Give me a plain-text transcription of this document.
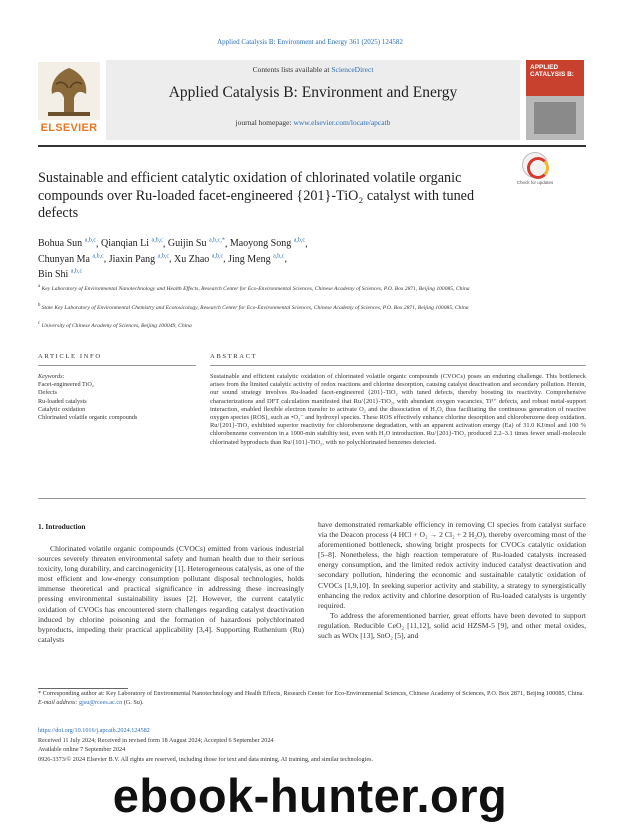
Applied Catalysis B: Environment and Energy 361 (2025) 124582
ELSEVIER
Contents lists available at ScienceDirect
Applied Catalysis B: Environment and Energy
journal homepage: www.elsevier.com/locate/apcatb
APPLIED CATALYSIS B:
Sustainable and efficient catalytic oxidation of chlorinated volatile organic compounds over Ru-loaded facet-engineered {201}-TiO₂ catalyst with tuned defects
Check for updates
Bohua Sun $^{a,b,c}$, Qianqian Li $^{a,b,c}$, Guijin Su $^{a,b,c,*}$, Maoyong Song $^{a,b,c}$,
Chunyan Ma $^{a,b,c}$, Jiaxin Pang $^{a,b,c}$, Xu Zhao $^{a,b,c}$, Jing Meng $^{a,b,c}$,
Bin Shi $^{a,b,c}$
$^a$ Key Laboratory of Environmental Nanotechnology and Health Effects, Research Center for Eco-Environmental Sciences, Chinese Academy of Sciences, P.O. Box 2871, Beijing 100085, China
$^b$ State Key Laboratory of Environmental Chemistry and Ecotoxicology, Research Center for Eco-Environmental Sciences, Chinese Academy of Sciences, P.O. Box 2871, Beijing 100085, China
$^c$ University of Chinese Academy of Sciences, Beijing 100049, China
ARTICLE INFO	ABSTRACT
Keywords:
Facet-engineered TiO₂
Defects
Ru-loaded catalysts
Catalytic oxidation
Chlorinated volatile organic compounds
Sustainable and efficient catalytic oxidation of chlorinated volatile organic compounds (CVOCs) poses an enduring challenge. This bottleneck arises from the limited catalytic activity of redox reactions and chlorine desorption, causing catalyst deactivation and secondary pollution. Herein, our sound strategy involves Ru-loaded facet-engineered {201}-TiO₂ with tuned defects, thereby boosting its reactivity. Comprehensive characterizations and DFT calculation manifested that Ru/{201}-TiO₂, with abundant oxygen vacancies, Ti³⁺ defects, and robust metal-support interaction, enabled flexible electron transfer to activate O₂ and the dissociation of H₂O, thus facilitating the continuous generation of reactive oxygen species (ROS), such as •O₂⁻ and hydroxyl species. These ROS effectively enhance chlorine desorption and chlorobenzene deep oxidation. Ru/{201}-TiO₂ exhibited superior reactivity for chlorobenzene degradation, with an apparent activation energy (Ea) of 31.0 KJ/mol and 100 % chlorobenzene conversion in a 1000-min stability test, even with H₂O introduction. Ru/{201}-TiO₂ produced 2.2–3.1 times fewer small-molecule chlorinated byproducts than Ru/{101}-TiO₂, with no polychlorinated benzenes detected.
1. Introduction
Chlorinated volatile organic compounds (CVOCs) emitted from various industrial sources severely threaten environmental safety and human health due to their serious toxicity, long durability, and carcinogenicity [1]. Heterogeneous catalysis, as one of the most efficient and low-energy consumption pollutant disposal technologies, holds immense theoretical and practical significance in addressing these increasingly pressing environmental sustainability issues [2]. However, the current catalytic oxidation of CVOCs has encountered stern challenges regarding catalyst deactivation induced by chlorine poisoning and the formation of hazardous polychlorinated byproducts, impeding their practical applicability [3,4]. Supporting Ruthenium (Ru) catalysts
have demonstrated remarkable efficiency in removing Cl species from catalyst surface via the Deacon process (4 HCl + O₂ → 2 Cl₂ + 2 H₂O), thereby overcoming most of the aforementioned bottleneck, showing bright prospects for CVOCs catalytic oxidation [5–8]. Nonetheless, the high reaction temperature of Ru-loaded catalysts increased energy consumption, and the limited redox activity induced catalyst deactivation and secondary pollution, hindering the economic and sustainable catalytic oxidation of CVOCs [1,9,10]. In seeking superior activity and stability, a strategy to synergistically enhancing the redox activity and chlorine desorption of Ru-loaded catalysts is urgently required.
To address the aforementioned barrier, great efforts have been devoted to support regulation. Reducible CeO₂ [11,12], solid acid HZSM-5 [9], and other metal oxides, such as WOx [13], SnO₂ [5], and
* Corresponding author at: Key Laboratory of Environmental Nanotechnology and Health Effects, Research Center for Eco-Environmental Sciences, Chinese Academy of Sciences, P.O. Box 2871, Beijing 100085, China.
E-mail address: gjsu@rcees.ac.cn (G. Su).
https://doi.org/10.1016/j.apcatb.2024.124582
Received 11 July 2024; Received in revised form 18 August 2024; Accepted 6 September 2024
Available online 7 September 2024
0926-3373/© 2024 Elsevier B.V. All rights are reserved, including those for text and data mining, AI training, and similar technologies.
ebook-hunter.org
